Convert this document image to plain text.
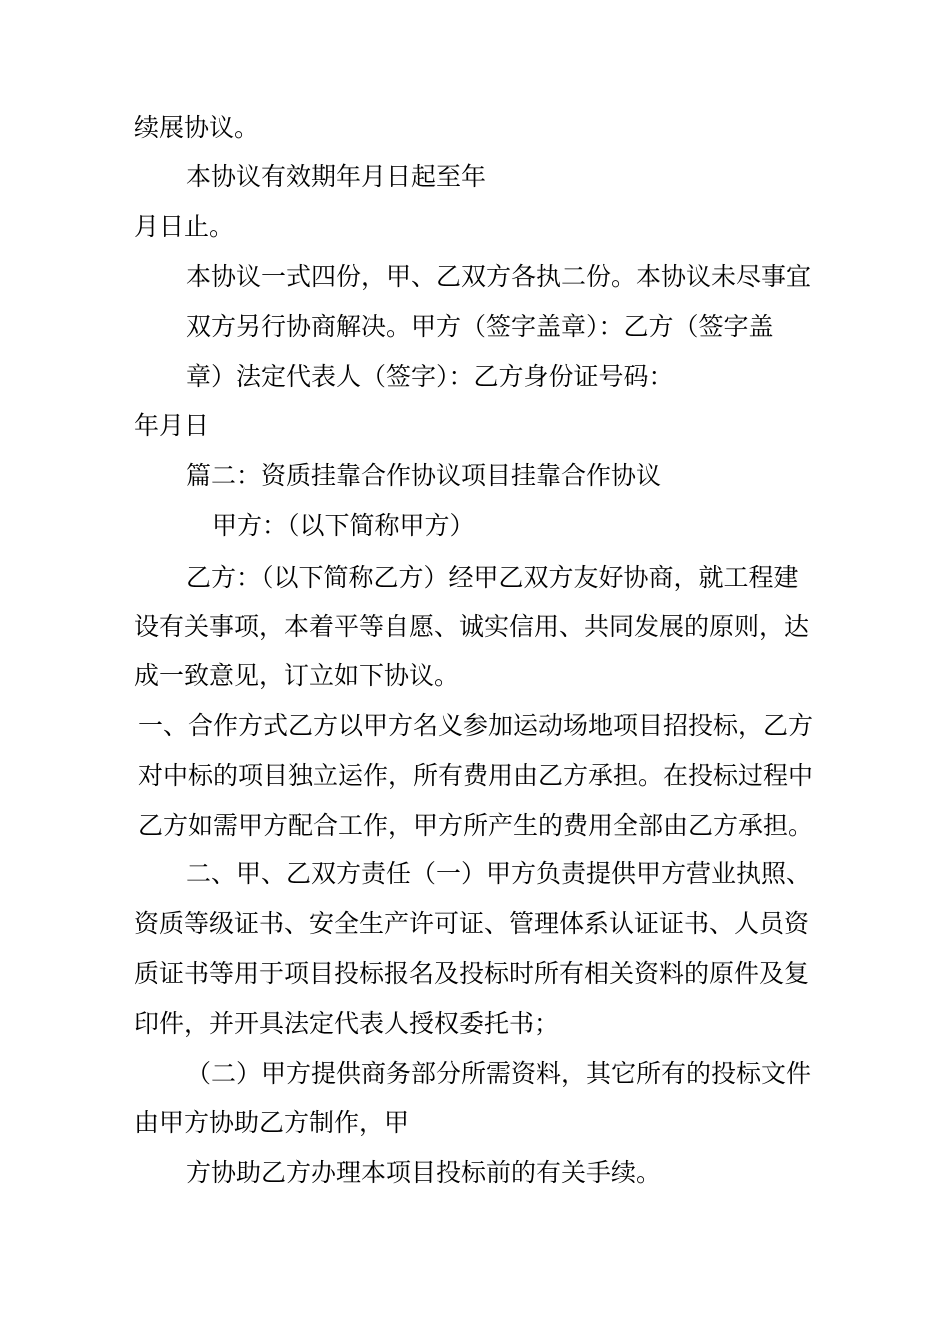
续展协议。
本协议有效期年月日起至年
月日止。
本协议一式四份，甲、乙双方各执二份。本协议未尽事宜
双方另行协商解决。甲方（签字盖章）：乙方（签字盖
章）法定代表人（签字）：乙方身份证号码：
年月日
篇二：资质挂靠合作协议项目挂靠合作协议
甲方：（以下简称甲方）
乙方：（以下简称乙方）经甲乙双方友好协商，就工程建
设有关事项，本着平等自愿、诚实信用、共同发展的原则，达
成一致意见，订立如下协议。
一、合作方式乙方以甲方名义参加运动场地项目招投标，乙方
对中标的项目独立运作，所有费用由乙方承担。在投标过程中
乙方如需甲方配合工作，甲方所产生的费用全部由乙方承担。
二、甲、乙双方责任（一）甲方负责提供甲方营业执照、
资质等级证书、安全生产许可证、管理体系认证证书、人员资
质证书等用于项目投标报名及投标时所有相关资料的原件及复
印件，并开具法定代表人授权委托书；
（二）甲方提供商务部分所需资料，其它所有的投标文件
由甲方协助乙方制作，甲
方协助乙方办理本项目投标前的有关手续。
